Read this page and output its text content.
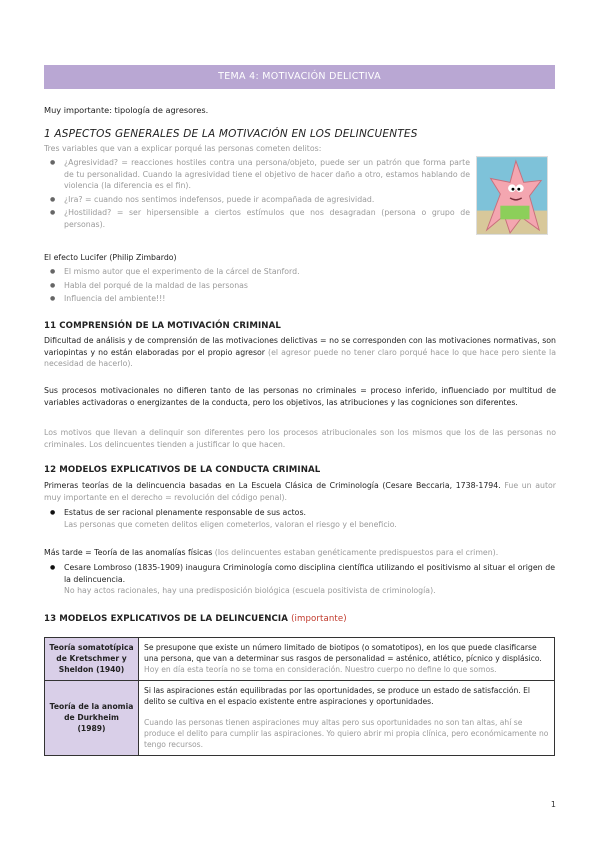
TEMA 4: MOTIVACIÓN DELICTIVA
Muy importante: tipología de agresores.
1 ASPECTOS GENERALES DE LA MOTIVACIÓN EN LOS DELINCUENTES
Tres variables que van a explicar porqué las personas cometen delitos:
● ¿Agresividad? = reacciones hostiles contra una persona/objeto, puede ser un patrón que forma parte de tu personalidad. Cuando la agresividad tiene el objetivo de hacer daño a otro, estamos hablando de violencia (la diferencia es el fin).
● ¿Ira? = cuando nos sentimos indefensos, puede ir acompañada de agresividad.
● ¿Hostilidad? = ser hipersensible a ciertos estímulos que nos desagradan (persona o grupo de personas).
El efecto Lucifer (Philip Zimbardo)
● El mismo autor que el experimento de la cárcel de Stanford.
● Habla del porqué de la maldad de las personas
● Influencia del ambiente!!!
11 COMPRENSIÓN DE LA MOTIVACIÓN CRIMINAL
Dificultad de análisis y de comprensión de las motivaciones delictivas = no se corresponden con las motivaciones normativas, son variopintas y no están elaboradas por el propio agresor (el agresor puede no tener claro porqué hace lo que hace pero siente la necesidad de hacerlo).
Sus procesos motivacionales no difieren tanto de las personas no criminales = proceso inferido, influenciado por multitud de variables activadoras o energizantes de la conducta, pero los objetivos, las atribuciones y las cogniciones son diferentes.
Los motivos que llevan a delinquir son diferentes pero los procesos atribucionales son los mismos que los de las personas no criminales. Los delincuentes tienden a justificar lo que hacen.
12 MODELOS EXPLICATIVOS DE LA CONDUCTA CRIMINAL
Primeras teorías de la delincuencia basadas en La Escuela Clásica de Criminología (Cesare Beccaria, 1738-1794. Fue un autor muy importante en el derecho = revolución del código penal).
● Estatus de ser racional plenamente responsable de sus actos.
Las personas que cometen delitos eligen cometerlos, valoran el riesgo y el beneficio.
Más tarde = Teoría de las anomalías físicas (los delincuentes estaban genéticamente predispuestos para el crimen).
● Cesare Lombroso (1835-1909) inaugura Criminología como disciplina científica utilizando el positivismo al situar el origen de la delincuencia.
No hay actos racionales, hay una predisposición biológica (escuela positivista de criminología).
13 MODELOS EXPLICATIVOS DE LA DELINCUENCIA (importante)
Teoría somatotípica de Kretschmer y Sheldon (1940)	Se presupone que existe un número limitado de biotipos (o somatotipos), en los que puede clasificarse una persona, que van a determinar sus rasgos de personalidad = asténico, atlético, pícnico y displásico.
Hoy en día esta teoría no se toma en consideración. Nuestro cuerpo no define lo que somos.

Teoría de la anomia de Durkheim (1989)	Si las aspiraciones están equilibradas por las oportunidades, se produce un estado de satisfacción. El delito se cultiva en el espacio existente entre aspiraciones y oportunidades.
Cuando las personas tienen aspiraciones muy altas pero sus oportunidades no son tan altas, ahí se produce el delito para cumplir las aspiraciones. Yo quiero abrir mi propia clínica, pero económicamente no tengo recursos.
1
